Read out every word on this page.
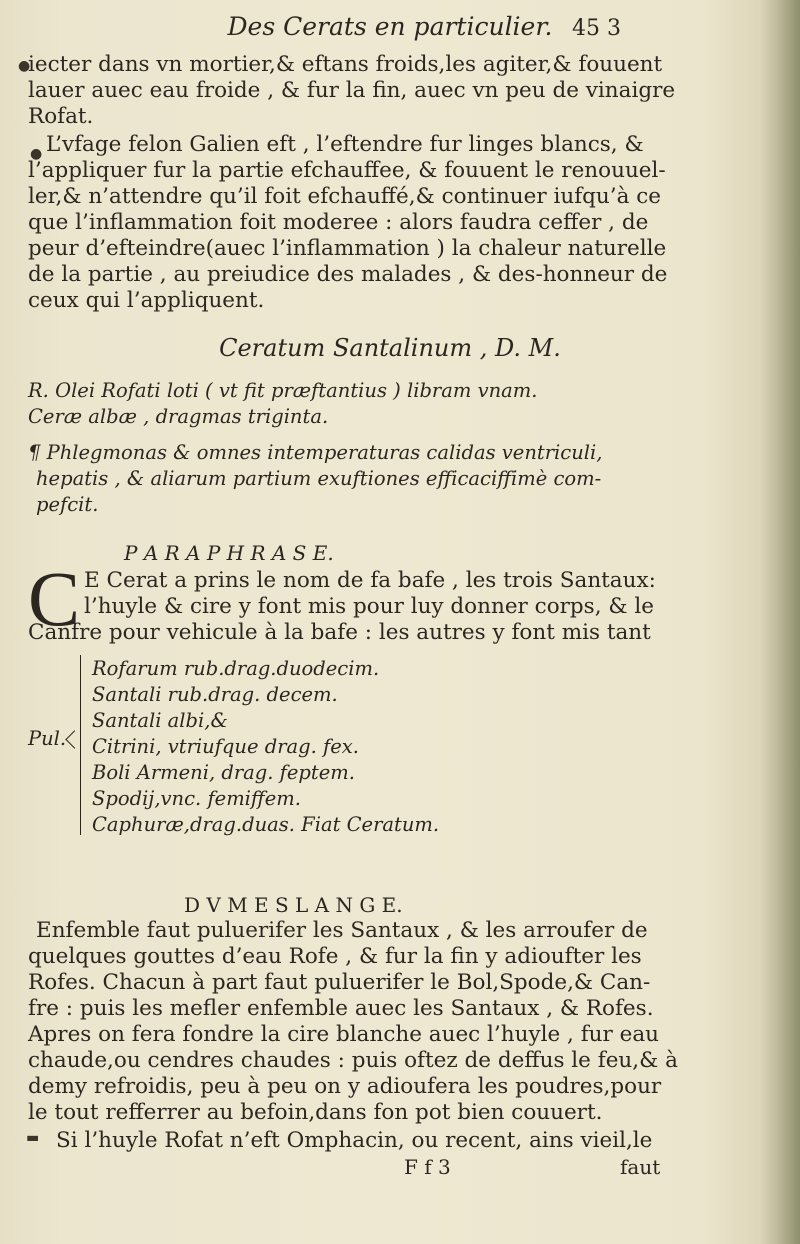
Des Cerats en particulier. 45 3
iecter dans vn mortier,& eftans froids,les agiter,& fouuent
lauer auec eau froide , & fur la fin, auec vn peu de vinaigre
Rofat.
L’vfage felon Galien eft , l’eftendre fur linges blancs, &
l’appliquer fur la partie efchauffee, & fouuent le renouuel-
ler,& n’attendre qu’il foit efchauffé,& continuer iufqu’à ce
que l’inflammation foit moderee : alors faudra ceffer , de
peur d’efteindre(auec l’inflammation ) la chaleur naturelle
de la partie , au preiudice des malades , & des-honneur de
ceux qui l’appliquent.
Ceratum Santalinum , D. M.
R. Olei Rofati loti ( vt fit præftantius ) libram vnam.
Ceræ albæ , dragmas triginta.
Pul.
Rofarum rub.drag.duodecim.
Santali rub.drag. decem.
Santali albi,&
Citrini, vtriufque drag. fex.
Boli Armeni, drag. feptem.
Spodij,vnc. femiffem.
Caphuræ,drag.duas. Fiat Ceratum.
¶ Phlegmonas & omnes intemperaturas calidas ventriculi,
hepatis , & aliarum partium exuftiones efficaciffimè com-
pefcit.
P A R A P H R A S E.
C E Cerat a prins le nom de fa bafe , les trois Santaux:
l’huyle & cire y font mis pour luy donner corps, & le
Canfre pour vehicule à la bafe : les autres y font mis tant
D V M E S L A N G E.
Enfemble faut puluerifer les Santaux , & les arroufer de
quelques gouttes d’eau Rofe , & fur la fin y adioufter les
Rofes. Chacun à part faut puluerifer le Bol,Spode,& Can-
fre : puis les mefler enfemble auec les Santaux , & Rofes.
Apres on fera fondre la cire blanche auec l’huyle , fur eau
chaude,ou cendres chaudes : puis oftez de deffus le feu,& à
demy refroidis, peu à peu on y adioufera les poudres,pour
le tout refferrer au befoin,dans fon pot bien couuert.
Si l’huyle Rofat n’eft Omphacin, ou recent, ains vieil,le
F f 3	faut
●
●
▬
